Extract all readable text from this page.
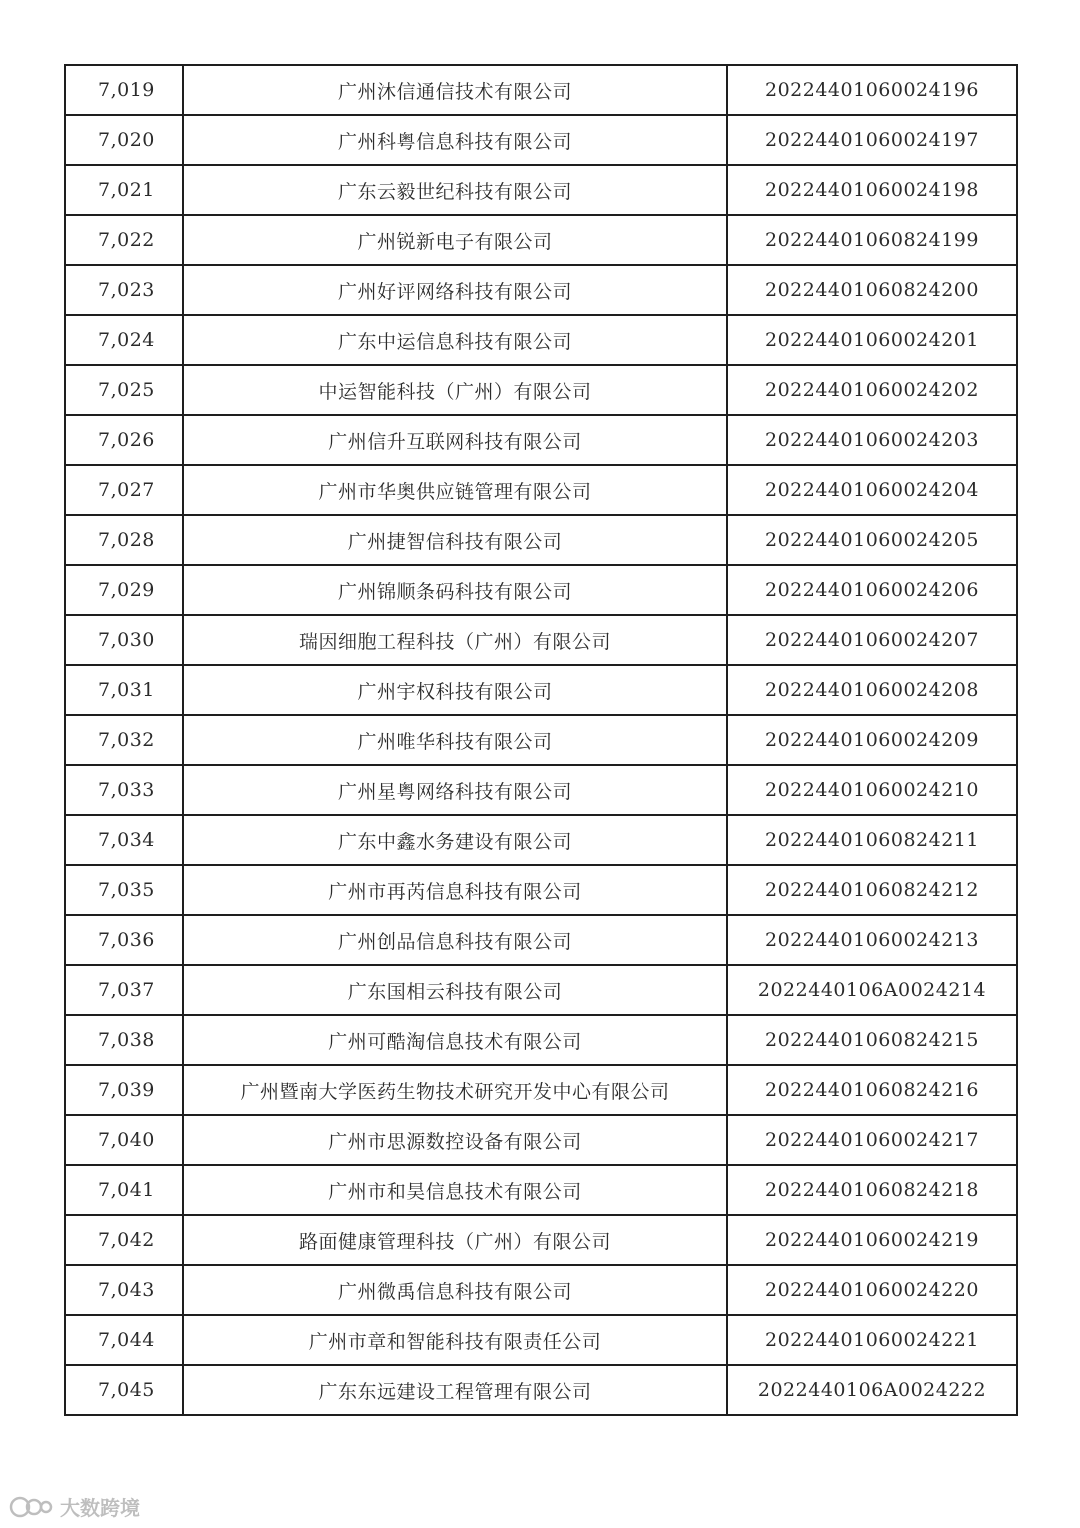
7,019	广州沐信通信技术有限公司	20224401060024196
7,020	广州科粤信息科技有限公司	20224401060024197
7,021	广东云毅世纪科技有限公司	20224401060024198
7,022	广州锐新电子有限公司	20224401060824199
7,023	广州好评网络科技有限公司	20224401060824200
7,024	广东中运信息科技有限公司	20224401060024201
7,025	中运智能科技（广州）有限公司	20224401060024202
7,026	广州信升互联网科技有限公司	20224401060024203
7,027	广州市华奥供应链管理有限公司	20224401060024204
7,028	广州捷智信科技有限公司	20224401060024205
7,029	广州锦顺条码科技有限公司	20224401060024206
7,030	瑞因细胞工程科技（广州）有限公司	20224401060024207
7,031	广州宇权科技有限公司	20224401060024208
7,032	广州唯华科技有限公司	20224401060024209
7,033	广州星粤网络科技有限公司	20224401060024210
7,034	广东中鑫水务建设有限公司	20224401060824211
7,035	广州市再芮信息科技有限公司	20224401060824212
7,036	广州创品信息科技有限公司	20224401060024213
7,037	广东国相云科技有限公司	2022440106A0024214
7,038	广州可酷淘信息技术有限公司	20224401060824215
7,039	广州暨南大学医药生物技术研究开发中心有限公司	20224401060824216
7,040	广州市思源数控设备有限公司	20224401060024217
7,041	广州市和昊信息技术有限公司	20224401060824218
7,042	路面健康管理科技（广州）有限公司	20224401060024219
7,043	广州微禹信息科技有限公司	20224401060024220
7,044	广州市章和智能科技有限责任公司	20224401060024221
7,045	广东东远建设工程管理有限公司	2022440106A0024222
大数跨境
